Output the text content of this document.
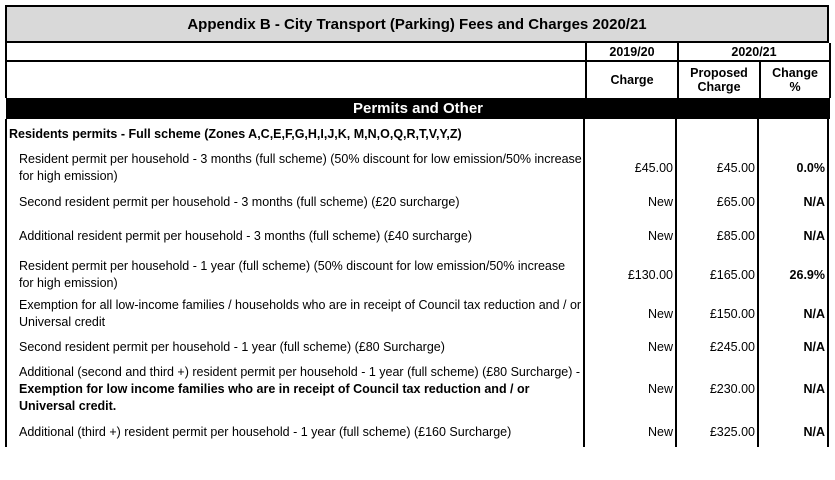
Appendix B - City Transport (Parking) Fees and Charges 2020/21
	2019/20	2020/21	
	Charge	Proposed Charge	Change %
Permits and Other			
Residents permits - Full scheme (Zones A,C,E,F,G,H,I,J,K, M,N,O,Q,R,T,V,Y,Z)			
Resident permit per household - 3 months (full scheme) (50% discount for low emission/50% increase for high emission)	£45.00	£45.00	0.0%
Second resident permit per household - 3 months (full scheme) (£20 surcharge)	New	£65.00	N/A
Additional resident permit per household - 3 months (full scheme) (£40 surcharge)	New	£85.00	N/A
Resident permit per household - 1 year (full scheme) (50% discount for low emission/50% increase for high emission)	£130.00	£165.00	26.9%
Exemption for all low-income families / households who are in receipt of Council tax reduction and / or Universal credit	New	£150.00	N/A
Second resident permit per household - 1 year (full scheme) (£80 Surcharge)	New	£245.00	N/A
Additional (second and third +) resident permit per household - 1 year (full scheme) (£80 Surcharge) - Exemption for low income families who are in receipt of Council tax reduction and / or Universal credit.	New	£230.00	N/A
Additional (third +) resident permit per household - 1 year (full scheme) (£160 Surcharge)	New	£325.00	N/A
